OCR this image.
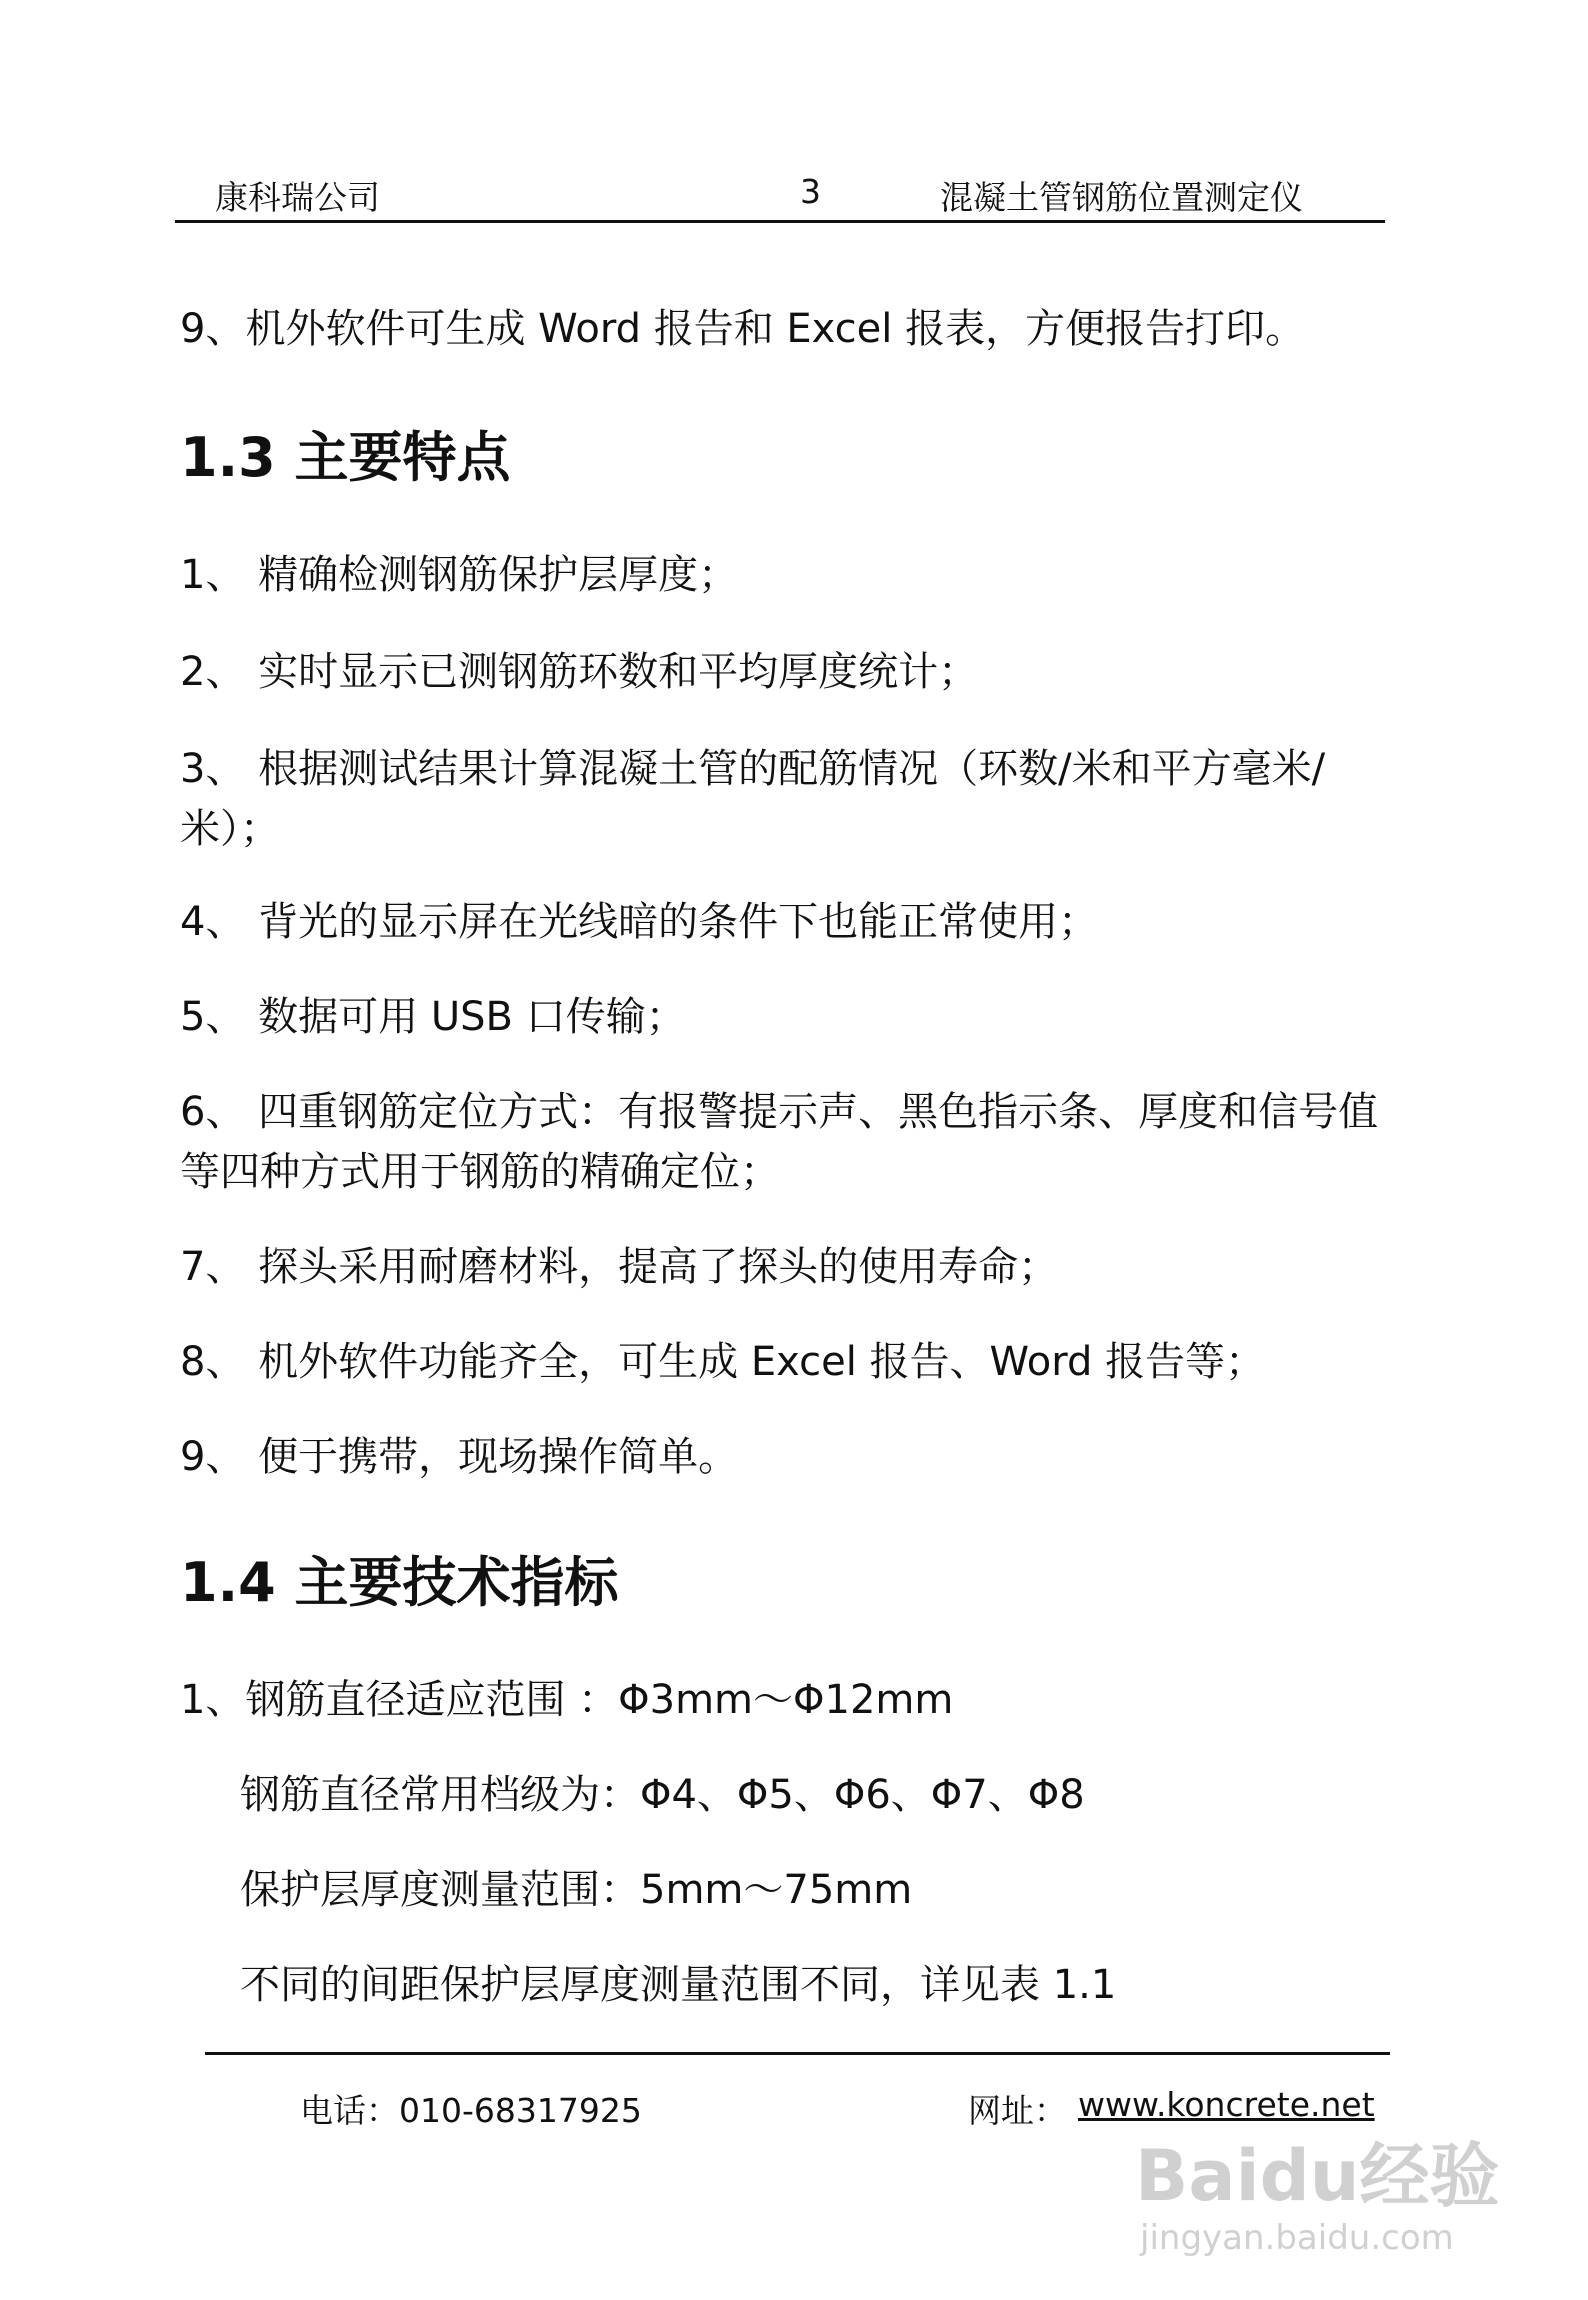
康科瑞公司	3	混凝土管钢筋位置测定仪
9、机外软件可生成 Word 报告和 Excel 报表，方便报告打印。
1.3 主要特点
1、 精确检测钢筋保护层厚度；
2、 实时显示已测钢筋环数和平均厚度统计；
3、 根据测试结果计算混凝土管的配筋情况（环数/米和平方毫米/
米）；
4、 背光的显示屏在光线暗的条件下也能正常使用；
5、 数据可用 USB 口传输；
6、 四重钢筋定位方式：有报警提示声、黑色指示条、厚度和信号值
等四种方式用于钢筋的精确定位；
7、 探头采用耐磨材料，提高了探头的使用寿命；
8、 机外软件功能齐全，可生成 Excel 报告、Word 报告等；
9、 便于携带，现场操作简单。
1.4 主要技术指标
1、钢筋直径适应范围 ：Φ3mm～Φ12mm
钢筋直径常用档级为：Φ4、Φ5、Φ6、Φ7、Φ8
保护层厚度测量范围：5mm～75mm
不同的间距保护层厚度测量范围不同，详见表 1.1
电话：010-68317925	网址： www.koncrete.net
Baidu经验
jingyan.baidu.com
